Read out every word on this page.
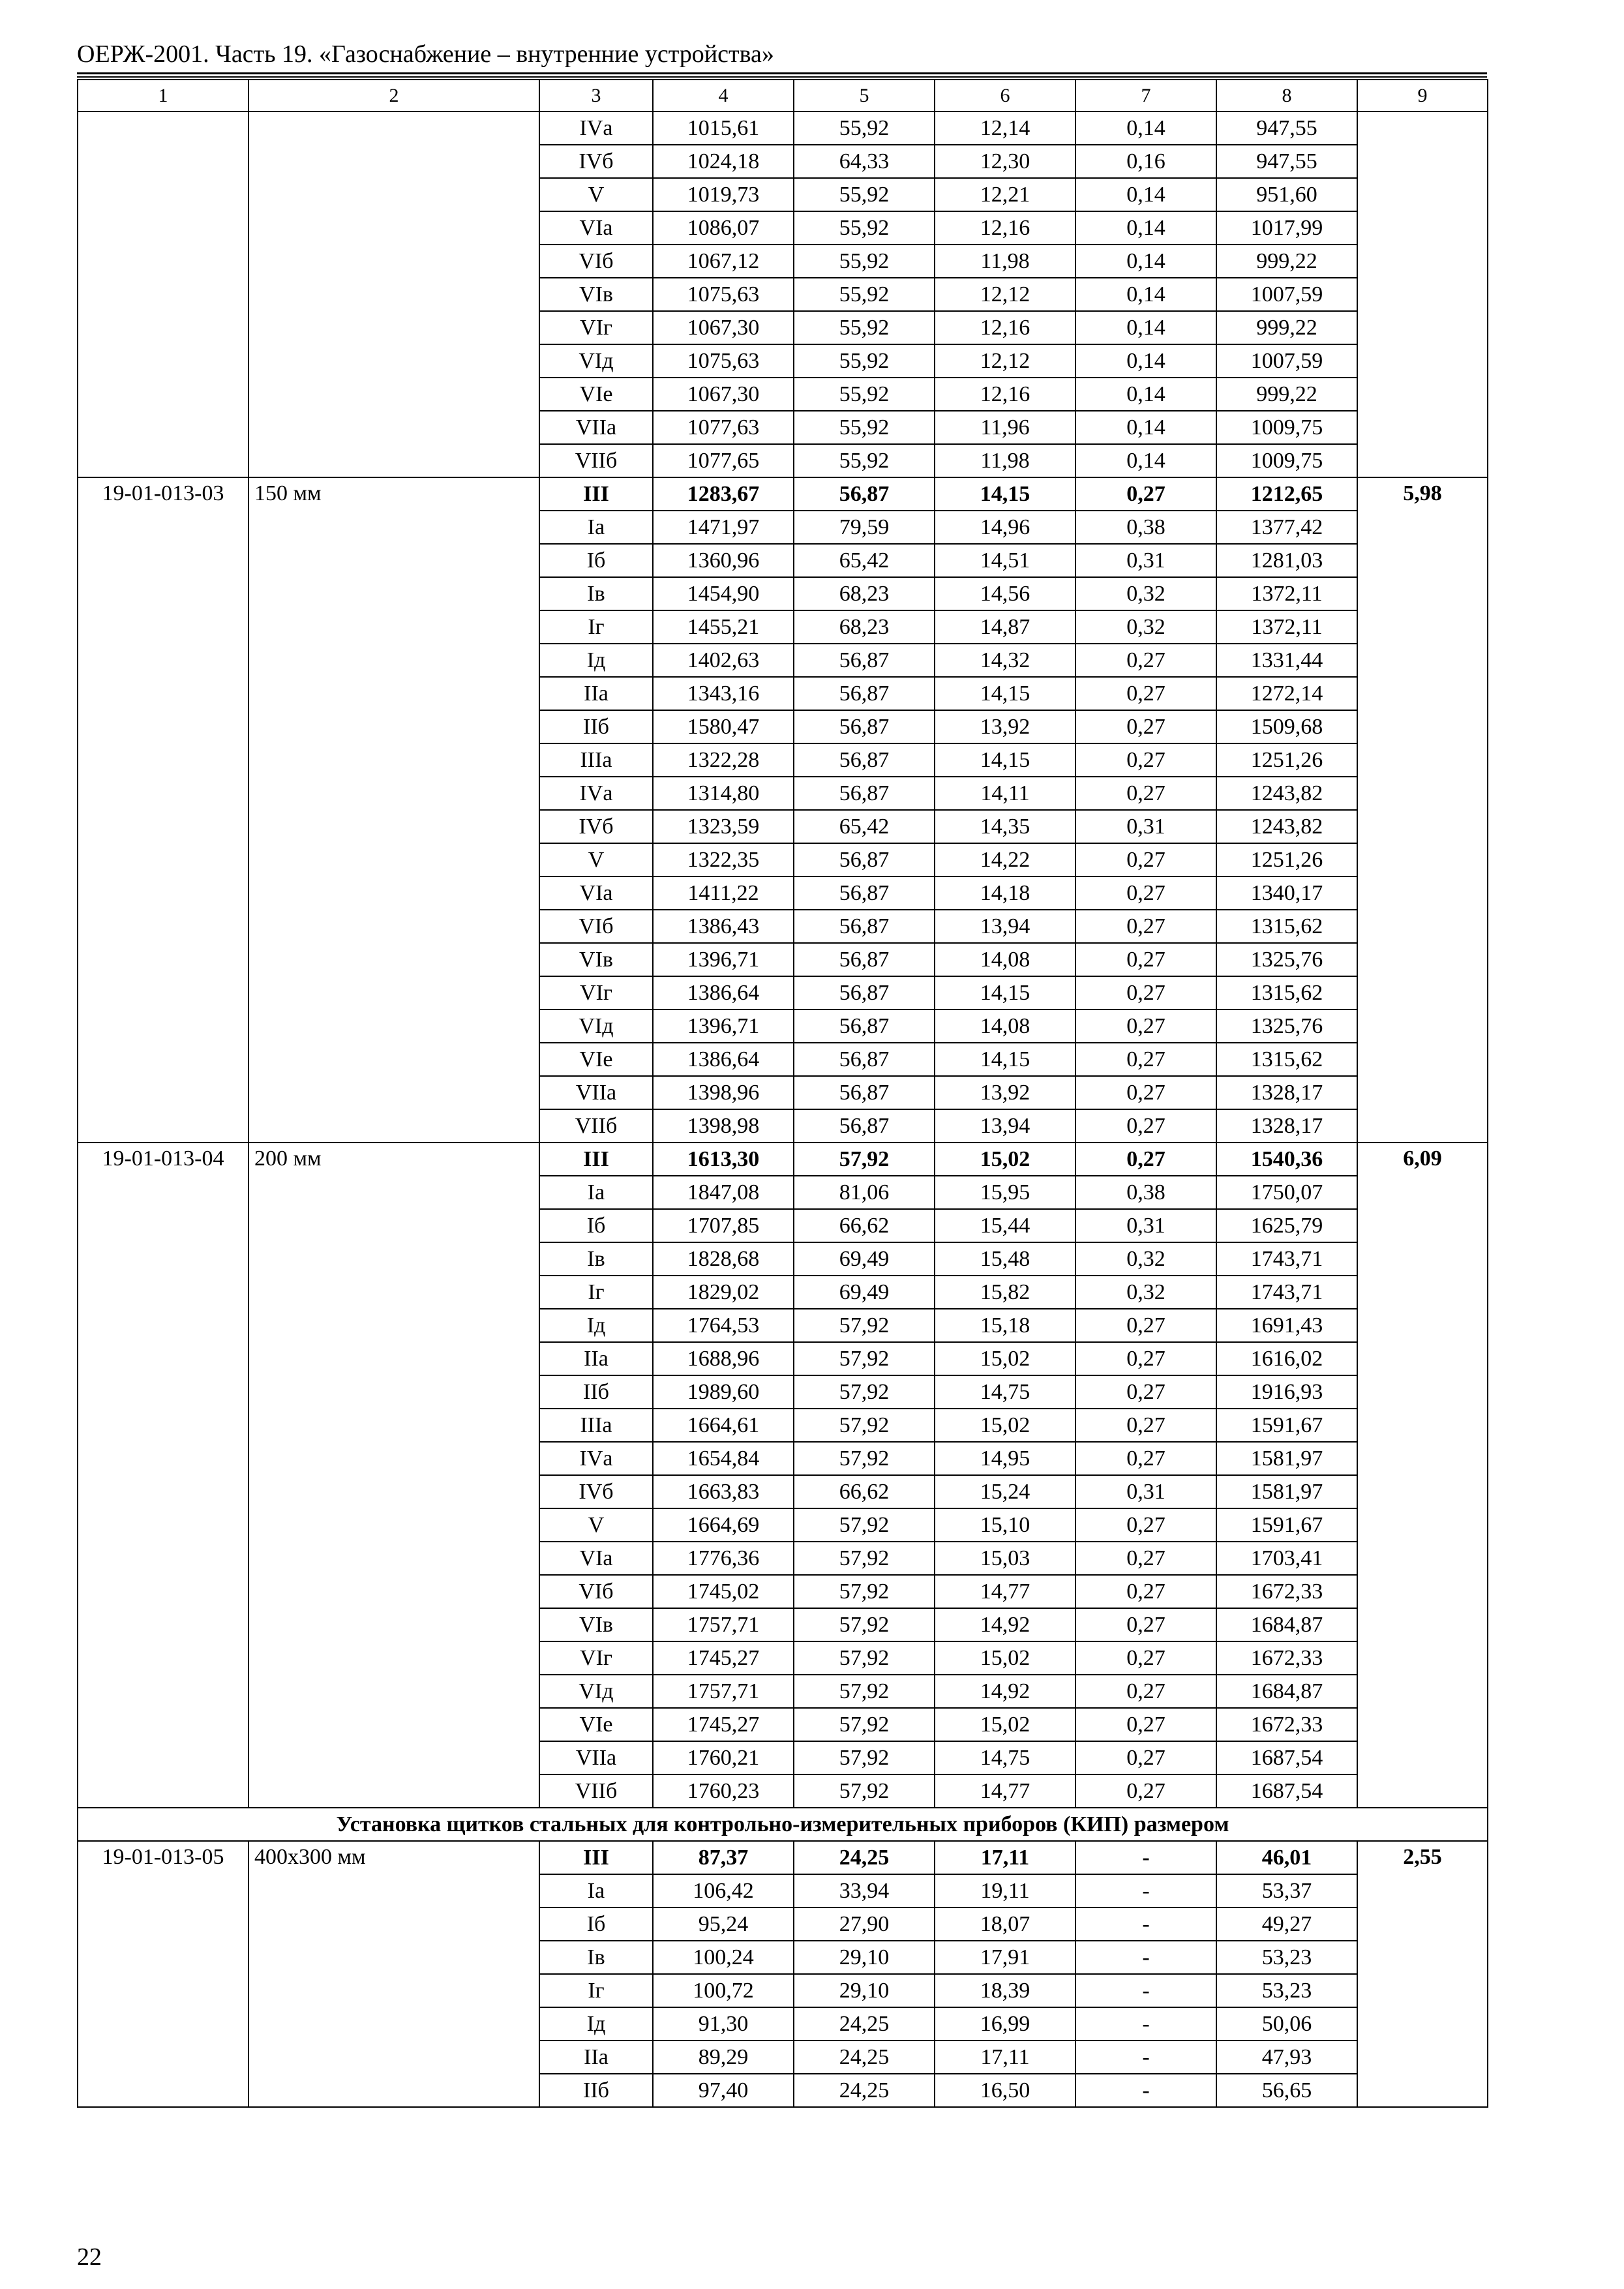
ОЕРЖ-2001. Часть 19. «Газоснабжение – внутренние устройства»
1	2	3	4	5	6	7	8	9
		IVа	1015,61	55,92	12,14	0,14	947,55	
		IVб	1024,18	64,33	12,30	0,16	947,55	
		V	1019,73	55,92	12,21	0,14	951,60	
		VIа	1086,07	55,92	12,16	0,14	1017,99	
		VIб	1067,12	55,92	11,98	0,14	999,22	
		VIв	1075,63	55,92	12,12	0,14	1007,59	
		VIг	1067,30	55,92	12,16	0,14	999,22	
		VIд	1075,63	55,92	12,12	0,14	1007,59	
		VIе	1067,30	55,92	12,16	0,14	999,22	
		VIIа	1077,63	55,92	11,96	0,14	1009,75	
		VIIб	1077,65	55,92	11,98	0,14	1009,75	
19-01-013-03	150 мм	III	1283,67	56,87	14,15	0,27	1212,65	5,98
		Iа	1471,97	79,59	14,96	0,38	1377,42	
		Iб	1360,96	65,42	14,51	0,31	1281,03	
		Iв	1454,90	68,23	14,56	0,32	1372,11	
		Iг	1455,21	68,23	14,87	0,32	1372,11	
		Iд	1402,63	56,87	14,32	0,27	1331,44	
		IIа	1343,16	56,87	14,15	0,27	1272,14	
		IIб	1580,47	56,87	13,92	0,27	1509,68	
		IIIа	1322,28	56,87	14,15	0,27	1251,26	
		IVа	1314,80	56,87	14,11	0,27	1243,82	
		IVб	1323,59	65,42	14,35	0,31	1243,82	
		V	1322,35	56,87	14,22	0,27	1251,26	
		VIа	1411,22	56,87	14,18	0,27	1340,17	
		VIб	1386,43	56,87	13,94	0,27	1315,62	
		VIв	1396,71	56,87	14,08	0,27	1325,76	
		VIг	1386,64	56,87	14,15	0,27	1315,62	
		VIд	1396,71	56,87	14,08	0,27	1325,76	
		VIе	1386,64	56,87	14,15	0,27	1315,62	
		VIIа	1398,96	56,87	13,92	0,27	1328,17	
		VIIб	1398,98	56,87	13,94	0,27	1328,17	
19-01-013-04	200 мм	III	1613,30	57,92	15,02	0,27	1540,36	6,09
		Iа	1847,08	81,06	15,95	0,38	1750,07	
		Iб	1707,85	66,62	15,44	0,31	1625,79	
		Iв	1828,68	69,49	15,48	0,32	1743,71	
		Iг	1829,02	69,49	15,82	0,32	1743,71	
		Iд	1764,53	57,92	15,18	0,27	1691,43	
		IIа	1688,96	57,92	15,02	0,27	1616,02	
		IIб	1989,60	57,92	14,75	0,27	1916,93	
		IIIа	1664,61	57,92	15,02	0,27	1591,67	
		IVа	1654,84	57,92	14,95	0,27	1581,97	
		IVб	1663,83	66,62	15,24	0,31	1581,97	
		V	1664,69	57,92	15,10	0,27	1591,67	
		VIа	1776,36	57,92	15,03	0,27	1703,41	
		VIб	1745,02	57,92	14,77	0,27	1672,33	
		VIв	1757,71	57,92	14,92	0,27	1684,87	
		VIг	1745,27	57,92	15,02	0,27	1672,33	
		VIд	1757,71	57,92	14,92	0,27	1684,87	
		VIе	1745,27	57,92	15,02	0,27	1672,33	
		VIIа	1760,21	57,92	14,75	0,27	1687,54	
		VIIб	1760,23	57,92	14,77	0,27	1687,54	
Установка щитков стальных для контрольно-измерительных приборов (КИП) размером								
19-01-013-05	400х300 мм	III	87,37	24,25	17,11	-	46,01	2,55
		Iа	106,42	33,94	19,11	-	53,37	
		Iб	95,24	27,90	18,07	-	49,27	
		Iв	100,24	29,10	17,91	-	53,23	
		Iг	100,72	29,10	18,39	-	53,23	
		Iд	91,30	24,25	16,99	-	50,06	
		IIа	89,29	24,25	17,11	-	47,93	
		IIб	97,40	24,25	16,50	-	56,65	
22
